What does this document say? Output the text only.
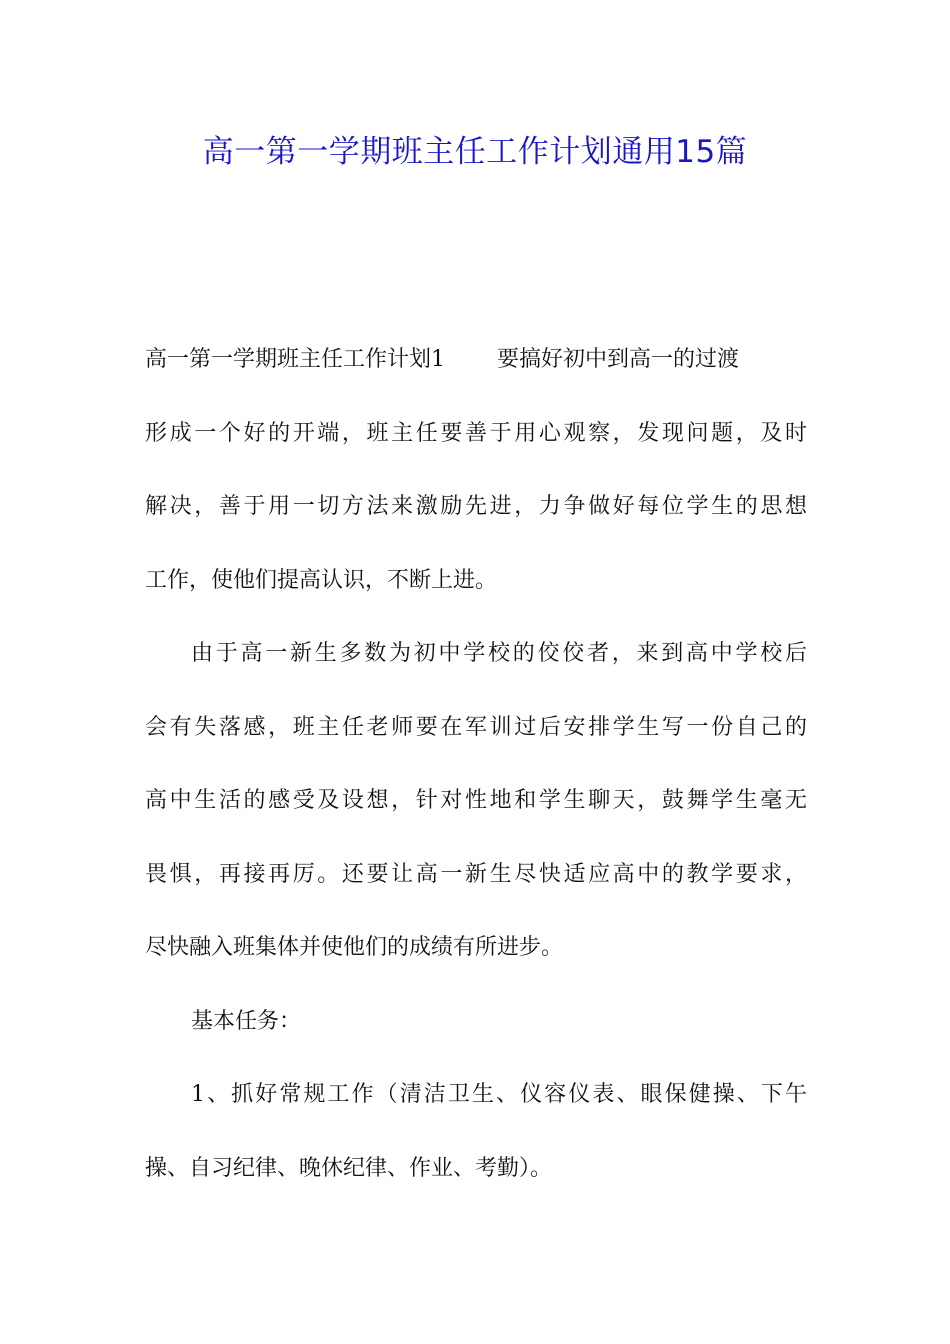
高一第一学期班主任工作计划通用15篇
高一第一学期班主任工作计划1 要搞好初中到高一的过渡
形成一个好的开端，班主任要善于用心观察，发现问题，及时
解决，善于用一切方法来激励先进，力争做好每位学生的思想
工作，使他们提高认识，不断上进。
由于高一新生多数为初中学校的佼佼者，来到高中学校后
会有失落感，班主任老师要在军训过后安排学生写一份自己的
高中生活的感受及设想，针对性地和学生聊天，鼓舞学生毫无
畏惧，再接再厉。还要让高一新生尽快适应高中的教学要求，
尽快融入班集体并使他们的成绩有所进步。
基本任务：
1、抓好常规工作（清洁卫生、仪容仪表、眼保健操、下午
操、自习纪律、晚休纪律、作业、考勤）。
